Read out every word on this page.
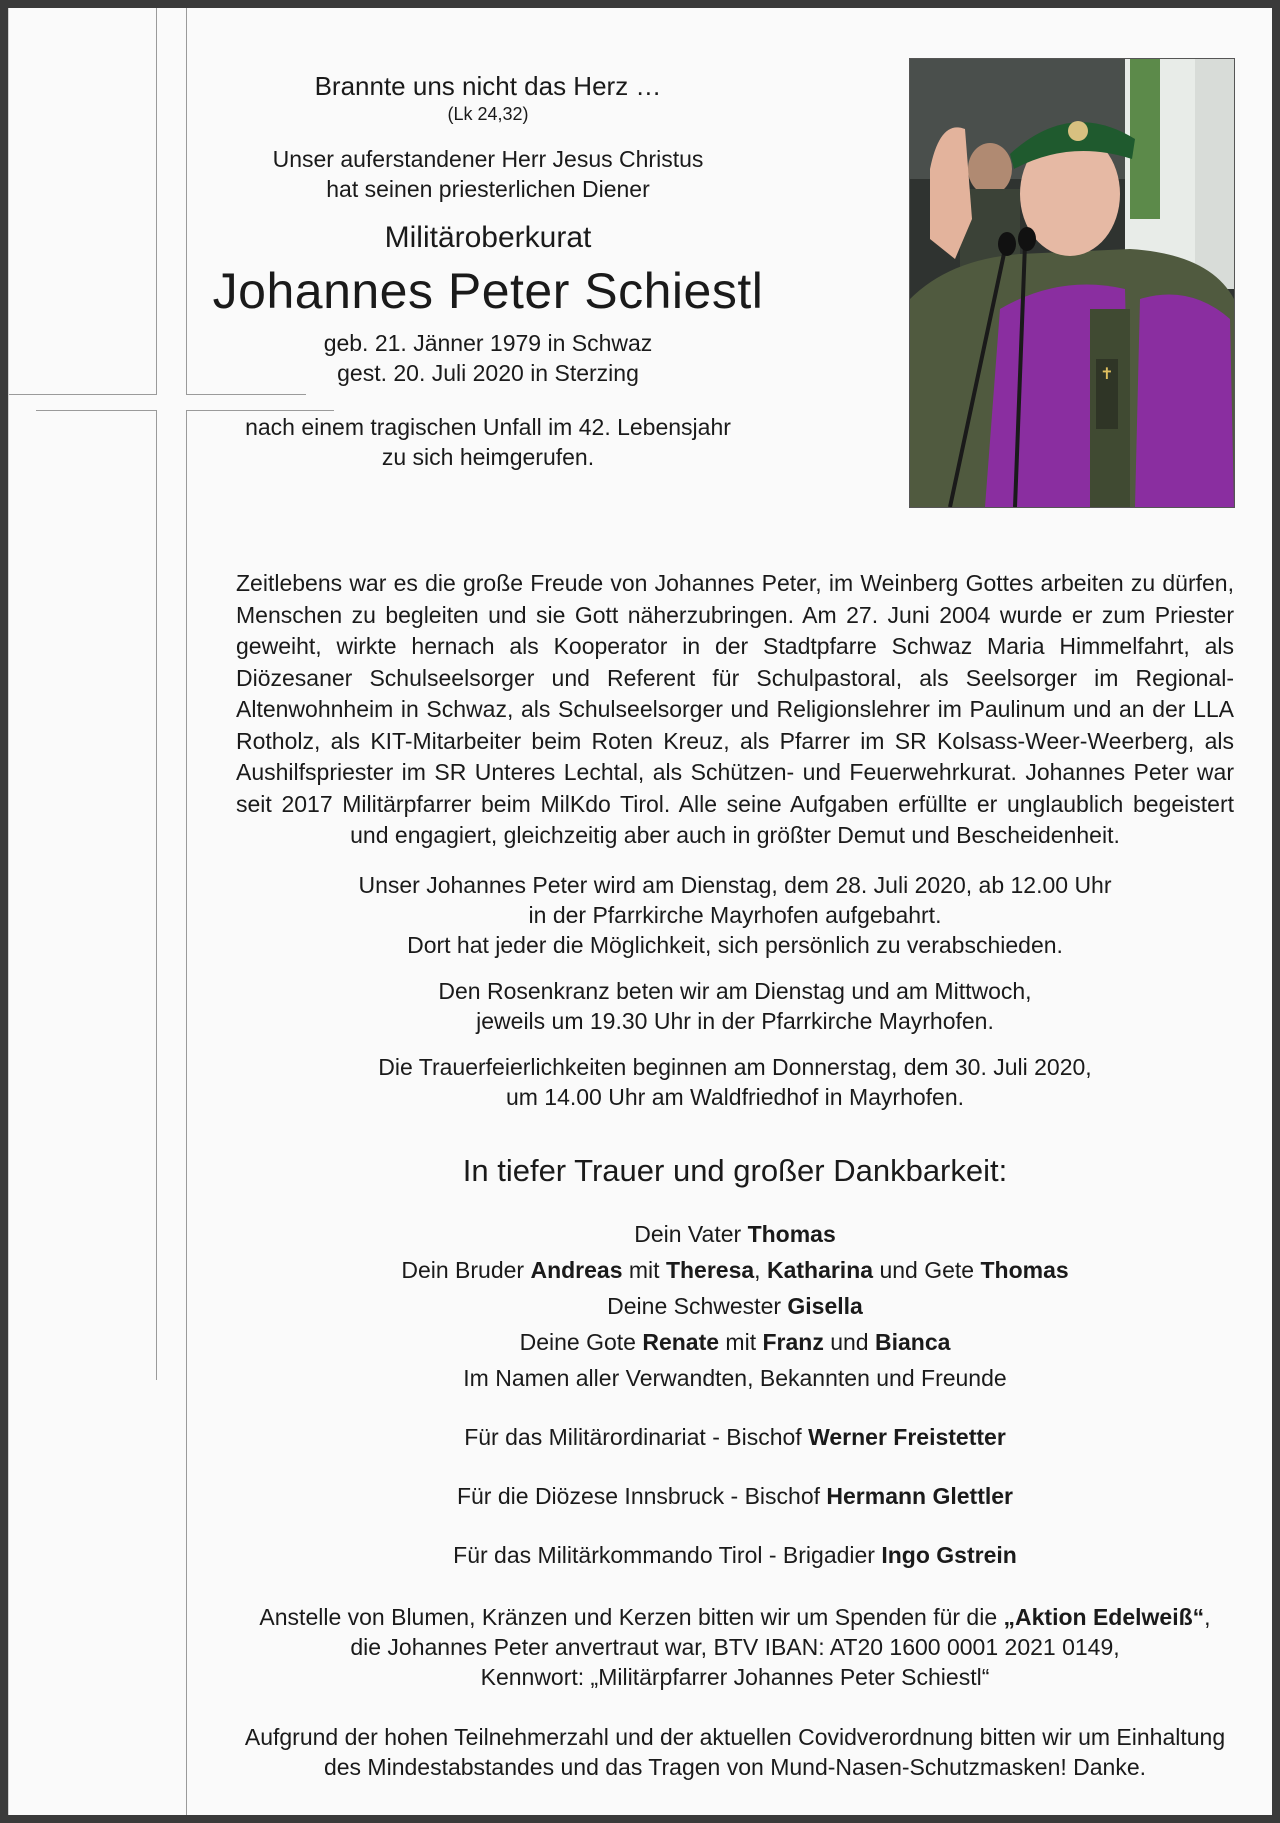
Brannte uns nicht das Herz …
(Lk 24,32)
Unser auferstandener Herr Jesus Christus
hat seinen priesterlichen Diener
Militäroberkurat
Johannes Peter Schiestl
geb. 21. Jänner 1979 in Schwaz
gest. 20. Juli 2020 in Sterzing
nach einem tragischen Unfall im 42. Lebensjahr
zu sich heimgerufen.
✝
Zeitlebens war es die große Freude von Johannes Peter, im Weinberg Gottes arbeiten zu dürfen, Menschen zu begleiten und sie Gott näherzubringen. Am 27. Juni 2004 wurde er zum Priester geweiht, wirkte hernach als Kooperator in der Stadtpfarre Schwaz Maria Himmelfahrt, als Diözesaner Schulseelsorger und Referent für Schulpastoral, als Seelsorger im Regional-Altenwohnheim in Schwaz, als Schulseelsorger und Religionslehrer im Paulinum und an der LLA Rotholz, als KIT-Mitarbeiter beim Roten Kreuz, als Pfarrer im SR Kolsass-Weer-Weerberg, als Aushilfspriester im SR Unteres Lechtal, als Schützen- und Feuerwehrkurat. Johannes Peter war seit 2017 Militärpfarrer beim MilKdo Tirol. Alle seine Aufgaben erfüllte er unglaublich begeistert und engagiert, gleichzeitig aber auch in größter Demut und Bescheidenheit.
Unser Johannes Peter wird am Dienstag, dem 28. Juli 2020, ab 12.00 Uhr
in der Pfarrkirche Mayrhofen aufgebahrt.
Dort hat jeder die Möglichkeit, sich persönlich zu verabschieden.
Den Rosenkranz beten wir am Dienstag und am Mittwoch,
jeweils um 19.30 Uhr in der Pfarrkirche Mayrhofen.
Die Trauerfeierlichkeiten beginnen am Donnerstag, dem 30. Juli 2020,
um 14.00 Uhr am Waldfriedhof in Mayrhofen.
In tiefer Trauer und großer Dankbarkeit:

Dein Vater Thomas

Dein Bruder Andreas mit Theresa, Katharina und Gete Thomas

Deine Schwester Gisella

Deine Gote Renate mit Franz und Bianca

Im Namen aller Verwandten, Bekannten und Freunde

Für das Militärordinariat - Bischof Werner Freistetter

Für die Diözese Innsbruck - Bischof Hermann Glettler

Für das Militärkommando Tirol - Brigadier Ingo Gstrein

Anstelle von Blumen, Kränzen und Kerzen bitten wir um Spenden für die „Aktion Edelweiß“,
die Johannes Peter anvertraut war, BTV IBAN: AT20 1600 0001 2021 0149,
Kennwort: „Militärpfarrer Johannes Peter Schiestl“
Aufgrund der hohen Teilnehmerzahl und der aktuellen Covidverordnung bitten wir um Einhaltung
des Mindestabstandes und das Tragen von Mund-Nasen-Schutzmasken! Danke.
